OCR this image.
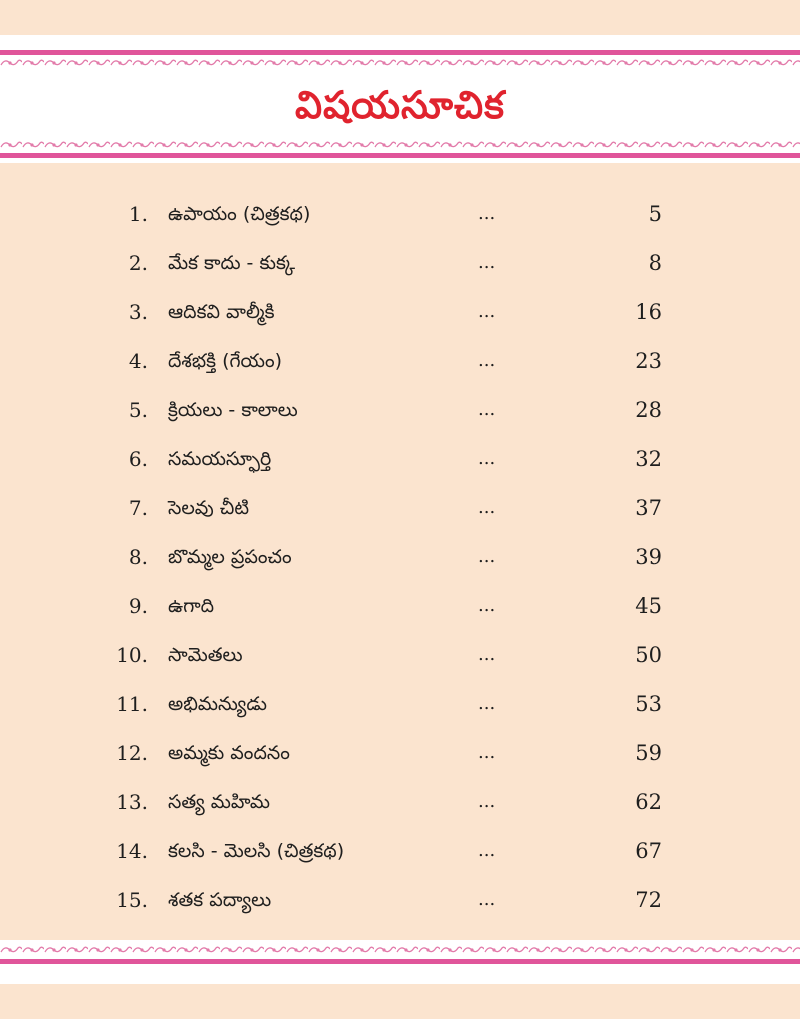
విషయసూచిక
1. ఉపాయం (చిత్రకథ)	...	5
2. మేక కాదు - కుక్క	...	8
3. ఆదికవి వాల్మీకి	...	16
4. దేశభక్తి (గేయం)	...	23
5. క్రియలు - కాలాలు	...	28
6. సమయస్ఫూర్తి	...	32
7. సెలవు చీటి	...	37
8. బొమ్మల ప్రపంచం	...	39
9. ఉగాది	...	45
10. సామెతలు	...	50
11. అభిమన్యుడు	...	53
12. అమ్మకు వందనం	...	59
13. సత్య మహిమ	...	62
14. కలసి - మెలసి (చిత్రకథ)	...	67
15. శతక పద్యాలు	...	72
